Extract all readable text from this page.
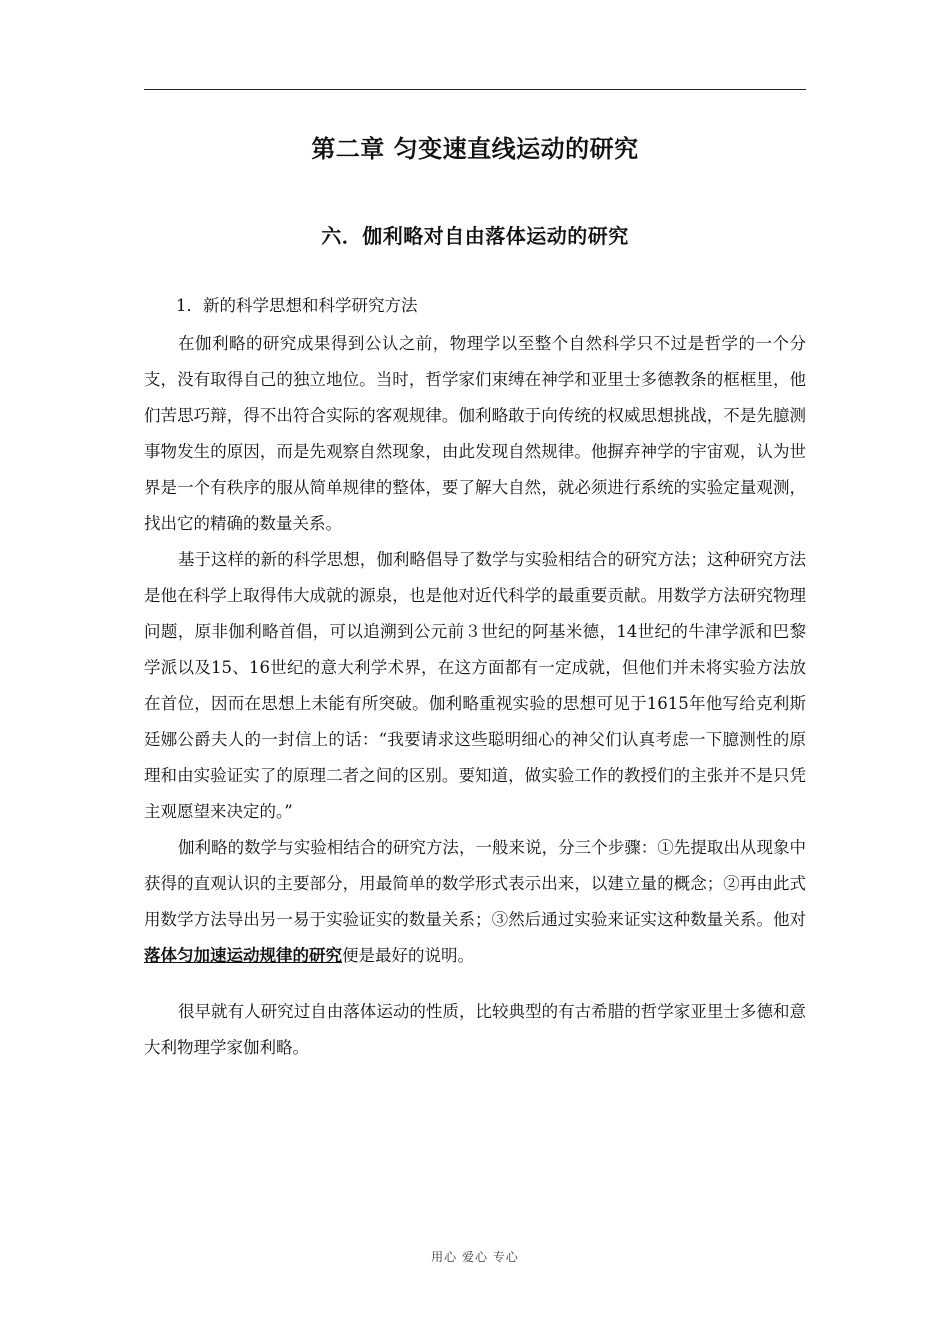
第二章 匀变速直线运动的研究
六．伽利略对自由落体运动的研究

1．新的科学思想和科学研究方法

在伽利略的研究成果得到公认之前，物理学以至整个自然科学只不过是哲学的一个分支，没有取得自己的独立地位。当时，哲学家们束缚在神学和亚里士多德教条的框框里，他们苦思巧辩，得不出符合实际的客观规律。伽利略敢于向传统的权威思想挑战，不是先臆测事物发生的原因，而是先观察自然现象，由此发现自然规律。他摒弃神学的宇宙观，认为世界是一个有秩序的服从简单规律的整体，要了解大自然，就必须进行系统的实验定量观测，找出它的精确的数量关系。

基于这样的新的科学思想，伽利略倡导了数学与实验相结合的研究方法；这种研究方法是他在科学上取得伟大成就的源泉，也是他对近代科学的最重要贡献。用数学方法研究物理问题，原非伽利略首倡，可以追溯到公元前３世纪的阿基米德，14世纪的牛津学派和巴黎学派以及15、16世纪的意大利学术界，在这方面都有一定成就，但他们并未将实验方法放在首位，因而在思想上未能有所突破。伽利略重视实验的思想可见于1615年他写给克利斯廷娜公爵夫人的一封信上的话：“我要请求这些聪明细心的神父们认真考虑一下臆测性的原理和由实验证实了的原理二者之间的区别。要知道，做实验工作的教授们的主张并不是只凭主观愿望来决定的。”

伽利略的数学与实验相结合的研究方法，一般来说，分三个步骤：①先提取出从现象中获得的直观认识的主要部分，用最简单的数学形式表示出来，以建立量的概念；②再由此式用数学方法导出另一易于实验证实的数量关系；③然后通过实验来证实这种数量关系。他对落体匀加速运动规律的研究便是最好的说明。

很早就有人研究过自由落体运动的性质，比较典型的有古希腊的哲学家亚里士多德和意大利物理学家伽利略。

用心 爱心 专心
